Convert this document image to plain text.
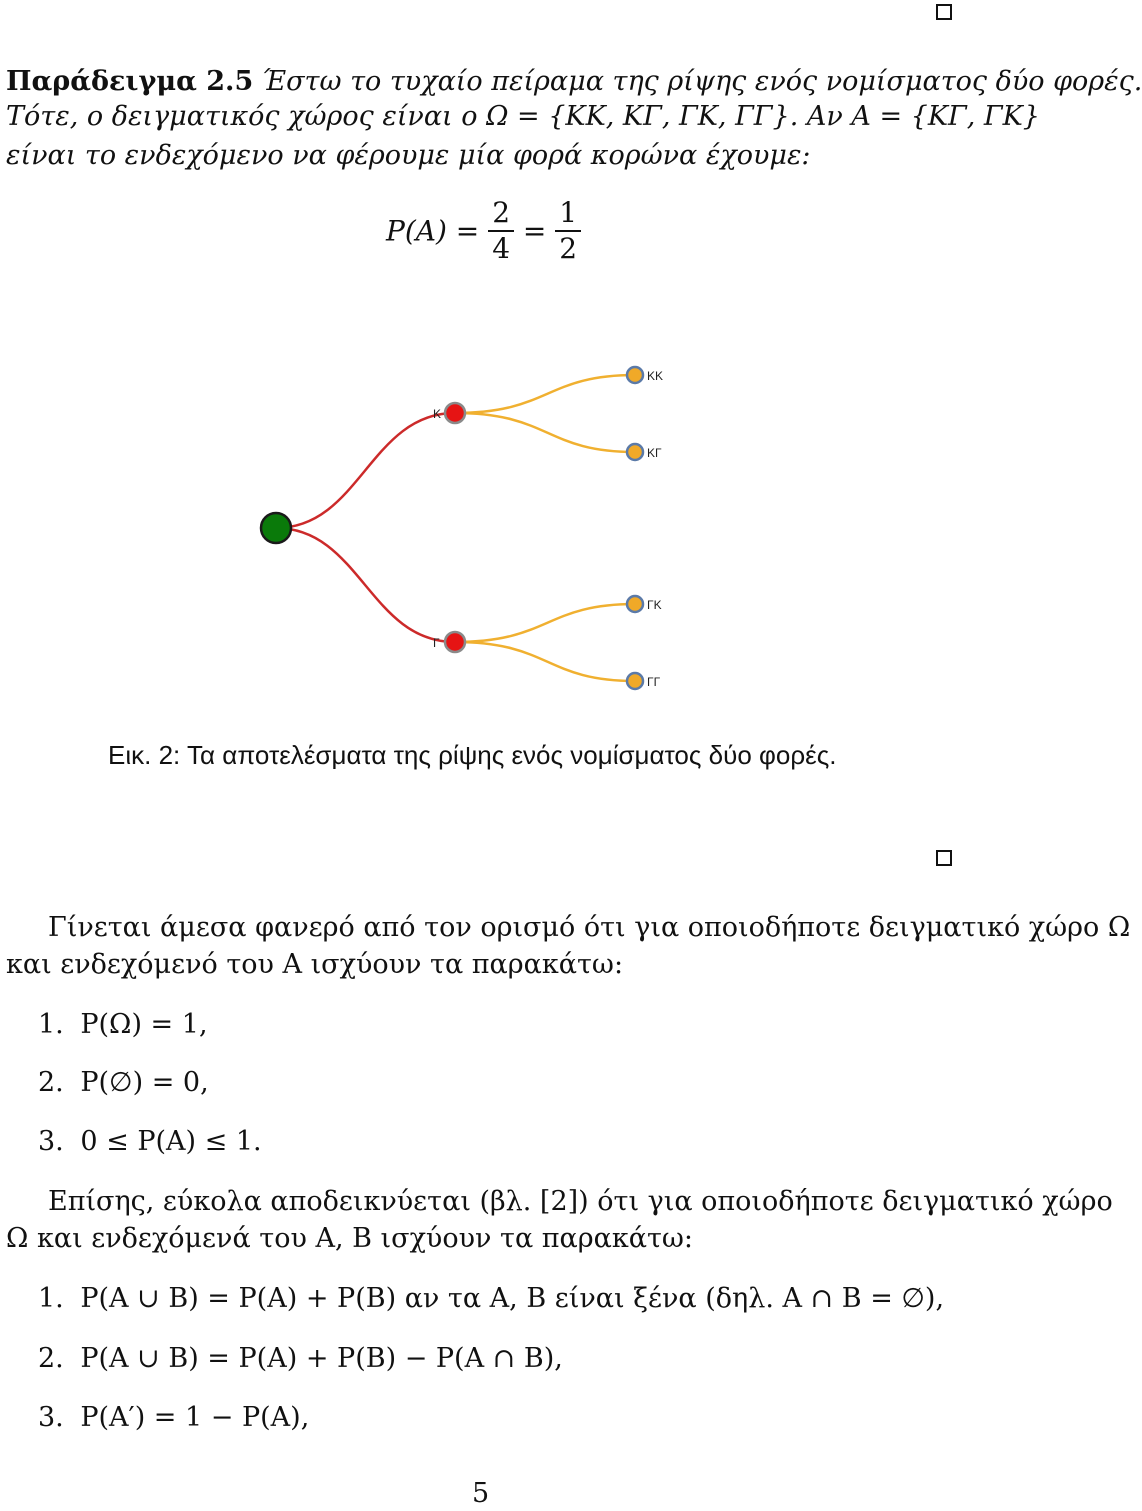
Παράδειγμα 2.5 Έστω το τυχαίο πείραμα της ρίψης ενός νομίσματος δύο φορές.
Τότε, ο δειγματικός χώρος είναι ο Ω = {ΚΚ, ΚΓ, ΓΚ, ΓΓ}. Αν A = {ΚΓ, ΓΚ}
είναι το ενδεχόμενο να φέρουμε μία φορά κορώνα έχουμε:
$P(A) = \frac{2}{4} = \frac{1}{2}$
Κ
Γ
ΚΚ
ΚΓ
ΓΚ
ΓΓ
Εικ. 2: Τα αποτελέσματα της ρίψης ενός νομίσματος δύο φορές.
Γίνεται άμεσα φανερό από τον ορισμό ότι για οποιοδήποτε δειγματικό χώρο Ω
και ενδεχόμενό του A ισχύουν τα παρακάτω:
1. P(Ω) = 1,
2. P(∅) = 0,
3. 0 ≤ P(A) ≤ 1.
Επίσης, εύκολα αποδεικνύεται (βλ. [2]) ότι για οποιοδήποτε δειγματικό χώρο
Ω και ενδεχόμενά του A, B ισχύουν τα παρακάτω:
1. P(A ∪ B) = P(A) + P(B) αν τα A, B είναι ξένα (δηλ. A ∩ B = ∅),
2. P(A ∪ B) = P(A) + P(B) − P(A ∩ B),
3. P(A′) = 1 − P(A),
5
